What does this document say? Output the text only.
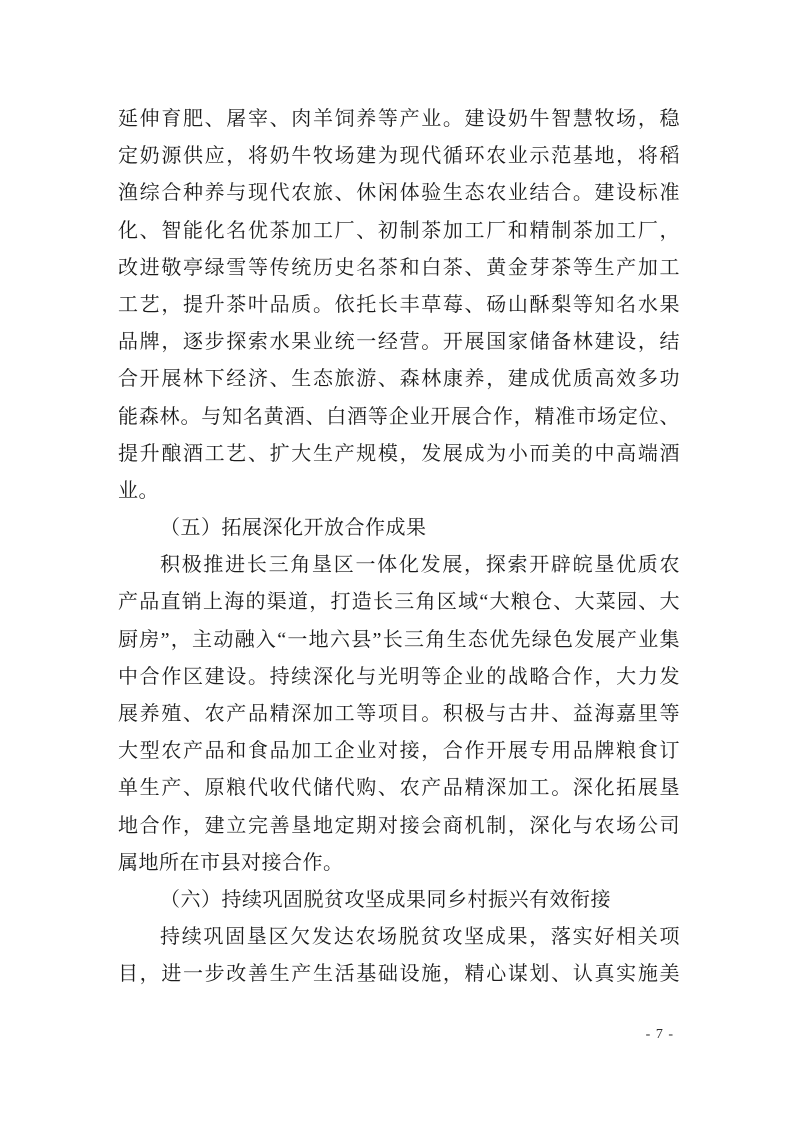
延伸育肥、屠宰、肉羊饲养等产业。建设奶牛智慧牧场，稳
定奶源供应，将奶牛牧场建为现代循环农业示范基地，将稻
渔综合种养与现代农旅、休闲体验生态农业结合。建设标准
化、智能化名优茶加工厂、初制茶加工厂和精制茶加工厂，
改进敬亭绿雪等传统历史名茶和白茶、黄金芽茶等生产加工
工艺，提升茶叶品质。依托长丰草莓、砀山酥梨等知名水果
品牌，逐步探索水果业统一经营。开展国家储备林建设，结
合开展林下经济、生态旅游、森林康养，建成优质高效多功
能森林。与知名黄酒、白酒等企业开展合作，精准市场定位、
提升酿酒工艺、扩大生产规模，发展成为小而美的中高端酒
业。
（五）拓展深化开放合作成果
积极推进长三角垦区一体化发展，探索开辟皖垦优质农
产品直销上海的渠道，打造长三角区域“大粮仓、大菜园、大
厨房”，主动融入“一地六县”长三角生态优先绿色发展产业集
中合作区建设。持续深化与光明等企业的战略合作，大力发
展养殖、农产品精深加工等项目。积极与古井、益海嘉里等
大型农产品和食品加工企业对接，合作开展专用品牌粮食订
单生产、原粮代收代储代购、农产品精深加工。深化拓展垦
地合作，建立完善垦地定期对接会商机制，深化与农场公司
属地所在市县对接合作。
（六）持续巩固脱贫攻坚成果同乡村振兴有效衔接
持续巩固垦区欠发达农场脱贫攻坚成果，落实好相关项
目，进一步改善生产生活基础设施，精心谋划、认真实施美
- 7 -
